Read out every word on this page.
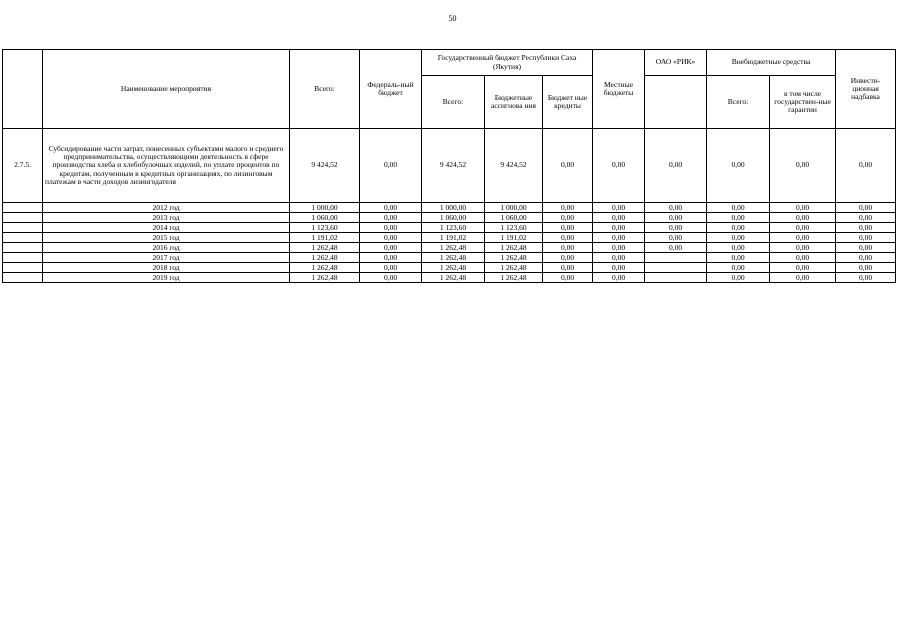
50
	Наименование мероприятия	Всего:	Федераль-ный бюджет	Государственный бюджет Республики Саха (Якутия)			Местные бюджеты	ОАО «РИК»	Внебюджетные средства		Инвести-ционная надбавка
				Всего:	Бюджетные ассигнова ния	Бюджет ные кредиты			Всего:	в том числе государствен-ные гарантии	
2.7.5.	Субсидирование части затрат, понесенных субъектами малого и среднего предпринимательства, осуществляющими деятельность в сфере производства хлеба и хлебобулочных изделий, по уплате процентов по кредитам, полученным в кредитных организациях, по лизинговым платежам в части доходов лизингодателя	9 424,52	0,00	9 424,52	9 424,52	0,00	0,00	0,00	0,00	0,00	0,00
	2012 год	1 000,00	0,00	1 000,00	1 000,00	0,00	0,00	0,00	0,00	0,00	0,00
	2013 год	1 060,00	0,00	1 060,00	1 060,00	0,00	0,00	0,00	0,00	0,00	0,00
	2014 год	1 123,60	0,00	1 123,60	1 123,60	0,00	0,00	0,00	0,00	0,00	0,00
	2015 год	1 191,02	0,00	1 191,02	1 191,02	0,00	0,00	0,00	0,00	0,00	0,00
	2016 год	1 262,48	0,00	1 262,48	1 262,48	0,00	0,00	0,00	0,00	0,00	0,00
	2017 год	1 262,48	0,00	1 262,48	1 262,48	0,00	0,00		0,00	0,00	0,00
	2018 год	1 262,48	0,00	1 262,48	1 262,48	0,00	0,00		0,00	0,00	0,00
	2019 год	1 262,48	0,00	1 262,48	1 262,48	0,00	0,00		0,00	0,00	0,00
